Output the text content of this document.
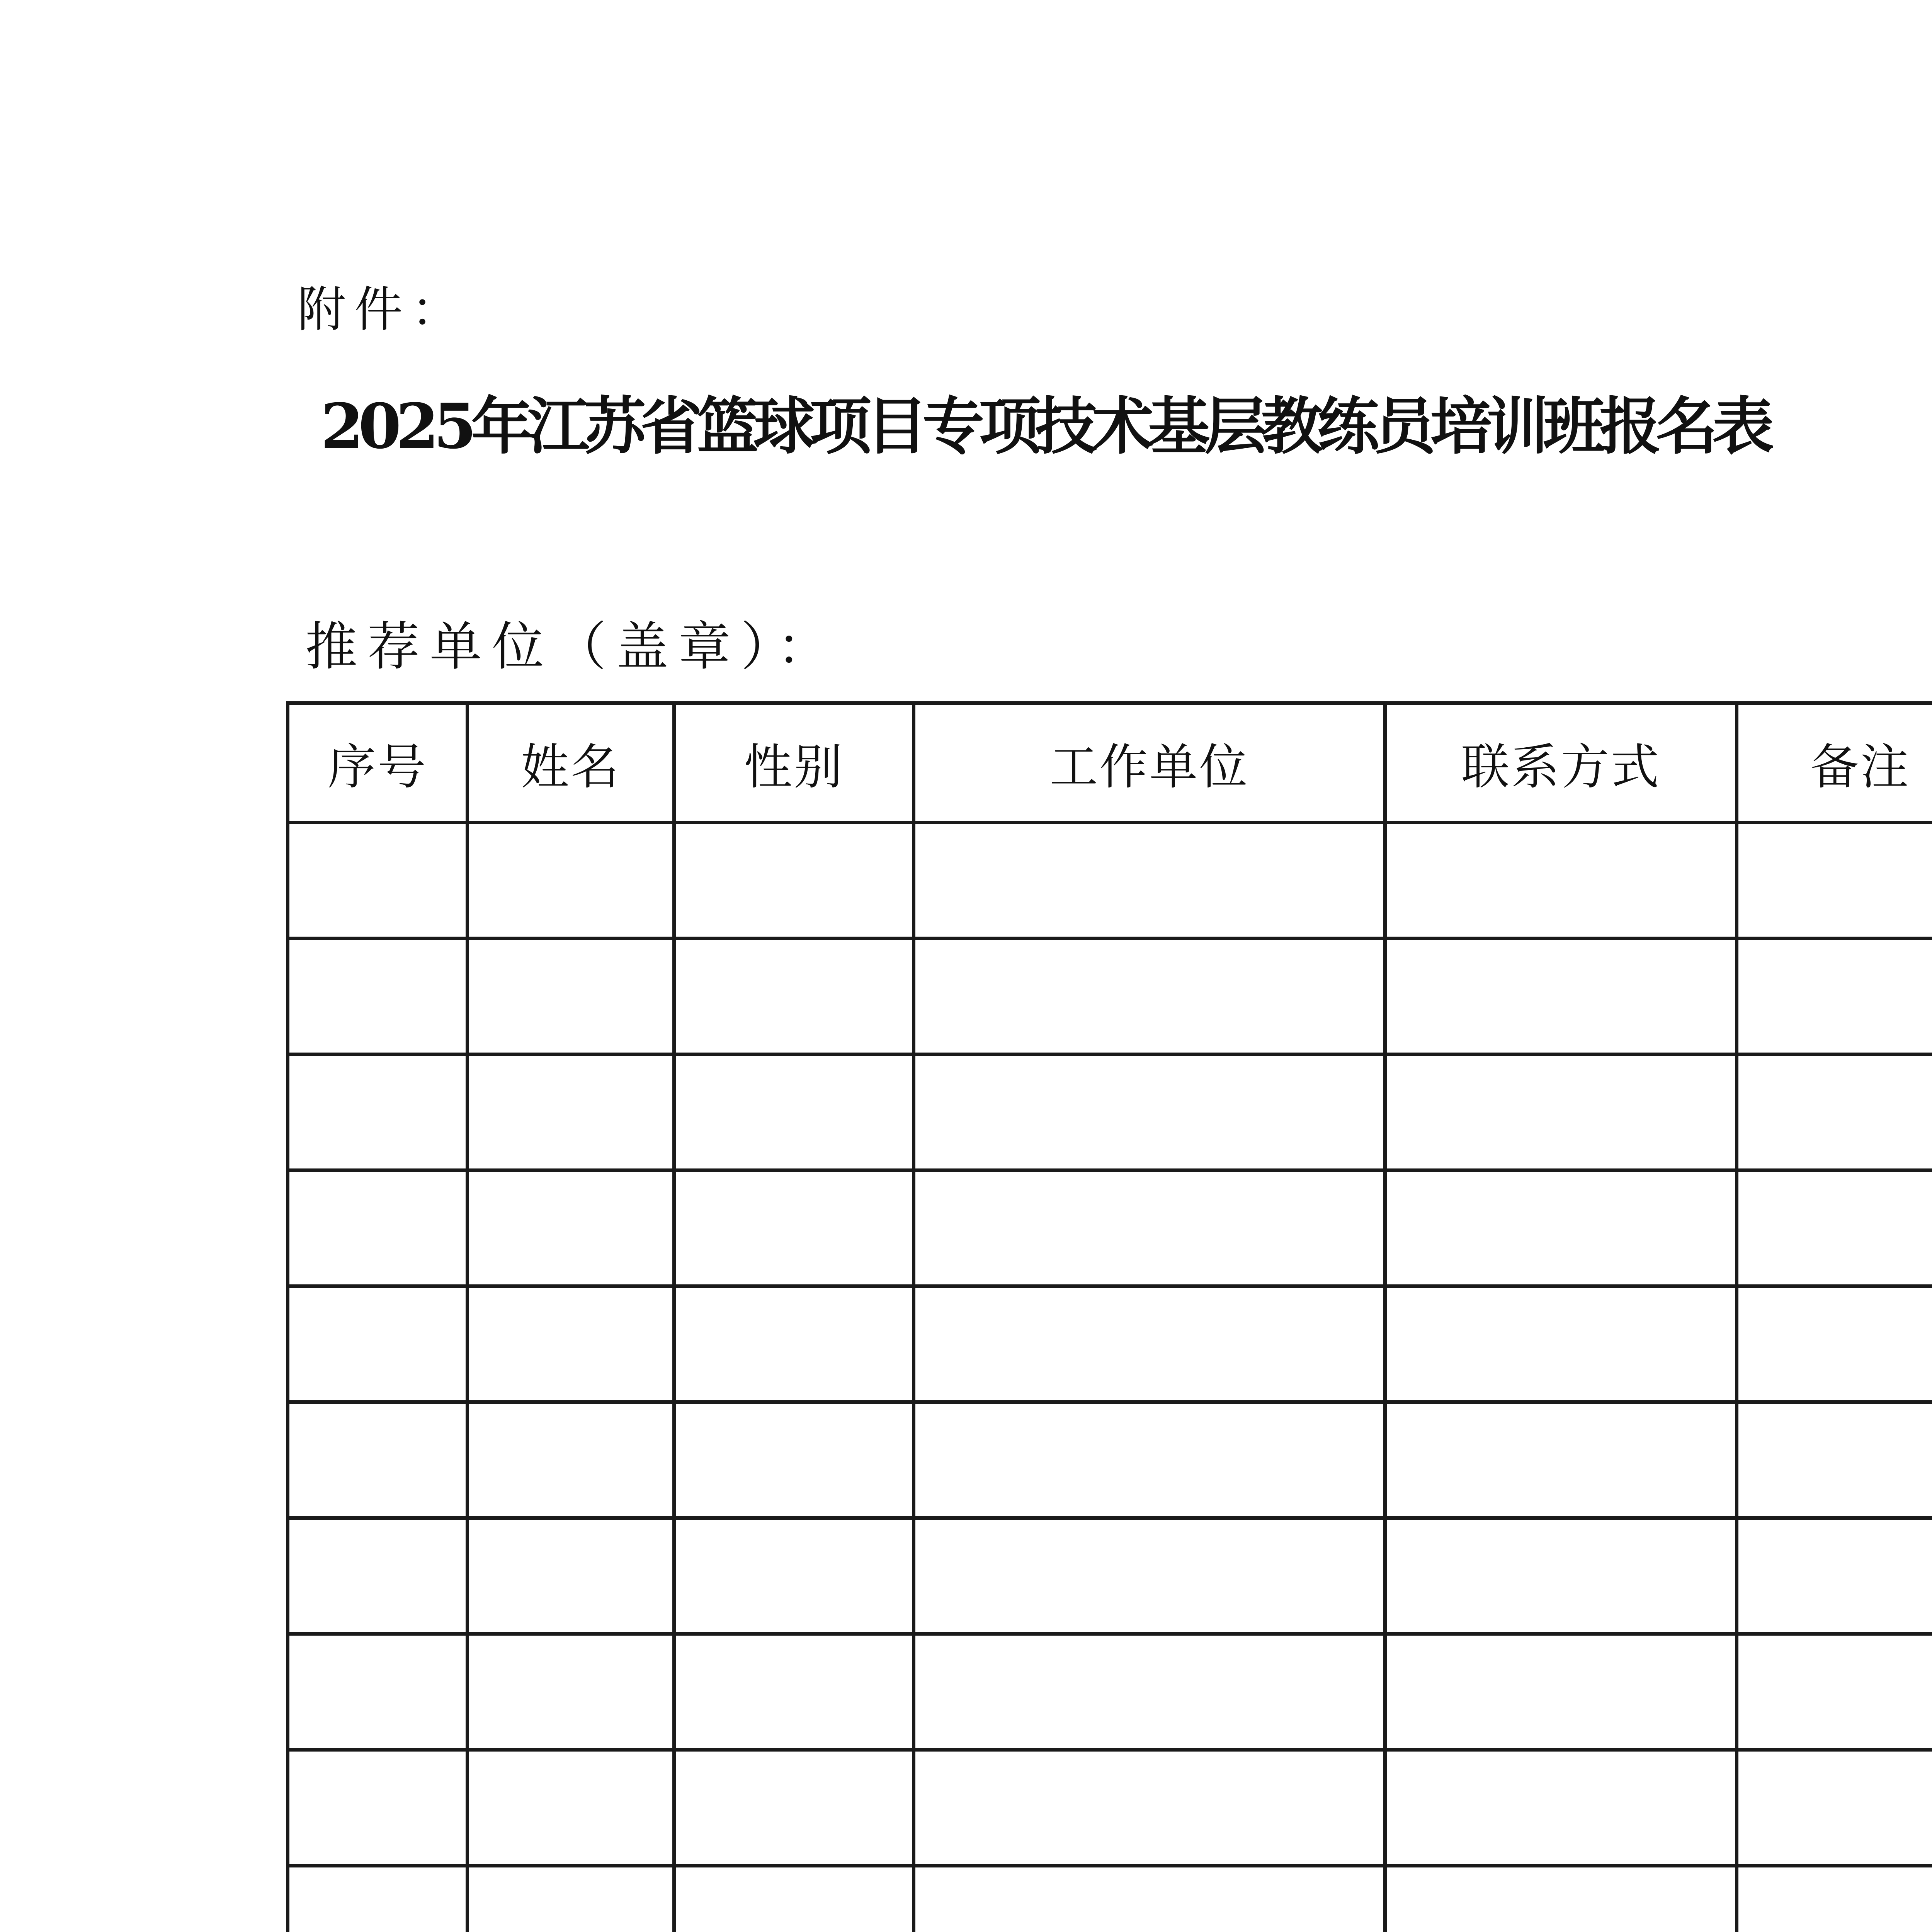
附件：
2025年江苏省篮球项目专项技术基层教练员培训班报名表
推荐单位（盖章）：
序号	姓名	性别	工作单位	联系方式	备注
